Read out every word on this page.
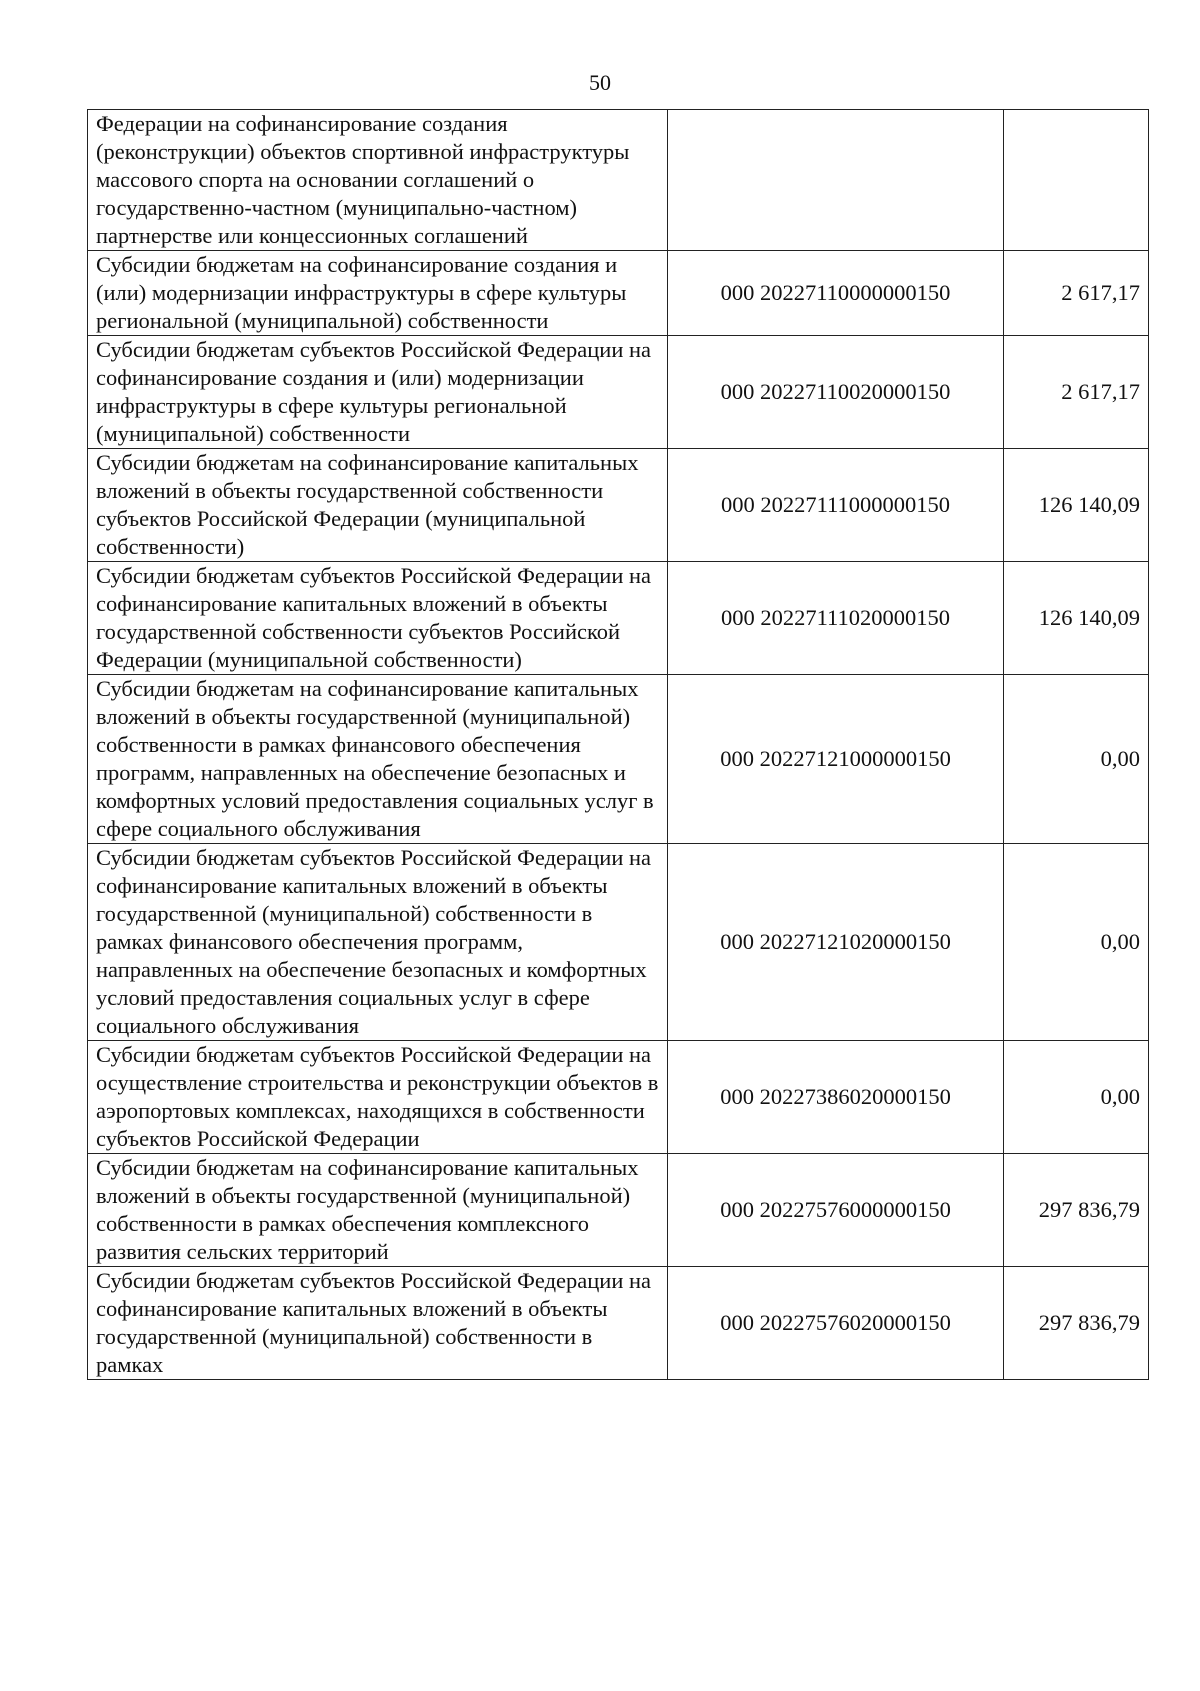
50
Федерации на софинансирование создания (реконструкции) объектов спортивной инфраструктуры массового спорта на основании соглашений о государственно-частном (муниципально-частном) партнерстве или концессионных соглашений		
Субсидии бюджетам на софинансирование создания и (или) модернизации инфраструктуры в сфере культуры региональной (муниципальной) собственности	000 20227110000000150	2 617,17
Субсидии бюджетам субъектов Российской Федерации на софинансирование создания и (или) модернизации инфраструктуры в сфере культуры региональной (муниципальной) собственности	000 20227110020000150	2 617,17
Субсидии бюджетам на софинансирование капитальных вложений в объекты государственной собственности субъектов Российской Федерации (муниципальной собственности)	000 20227111000000150	126 140,09
Субсидии бюджетам субъектов Российской Федерации на софинансирование капитальных вложений в объекты государственной собственности субъектов Российской Федерации (муниципальной собственности)	000 20227111020000150	126 140,09
Субсидии бюджетам на софинансирование капитальных вложений в объекты государственной (муниципальной) собственности в рамках финансового обеспечения программ, направленных на обеспечение безопасных и комфортных условий предоставления социальных услуг в сфере социального обслуживания	000 20227121000000150	0,00
Субсидии бюджетам субъектов Российской Федерации на софинансирование капитальных вложений в объекты государственной (муниципальной) собственности в рамках финансового обеспечения программ, направленных на обеспечение безопасных и комфортных условий предоставления социальных услуг в сфере социального обслуживания	000 20227121020000150	0,00
Субсидии бюджетам субъектов Российской Федерации на осуществление строительства и реконструкции объектов в аэропортовых комплексах, находящихся в собственности субъектов Российской Федерации	000 20227386020000150	0,00
Субсидии бюджетам на софинансирование капитальных вложений в объекты государственной (муниципальной) собственности в рамках обеспечения комплексного развития сельских территорий	000 20227576000000150	297 836,79
Субсидии бюджетам субъектов Российской Федерации на софинансирование капитальных вложений в объекты государственной (муниципальной) собственности в рамках	000 20227576020000150	297 836,79
